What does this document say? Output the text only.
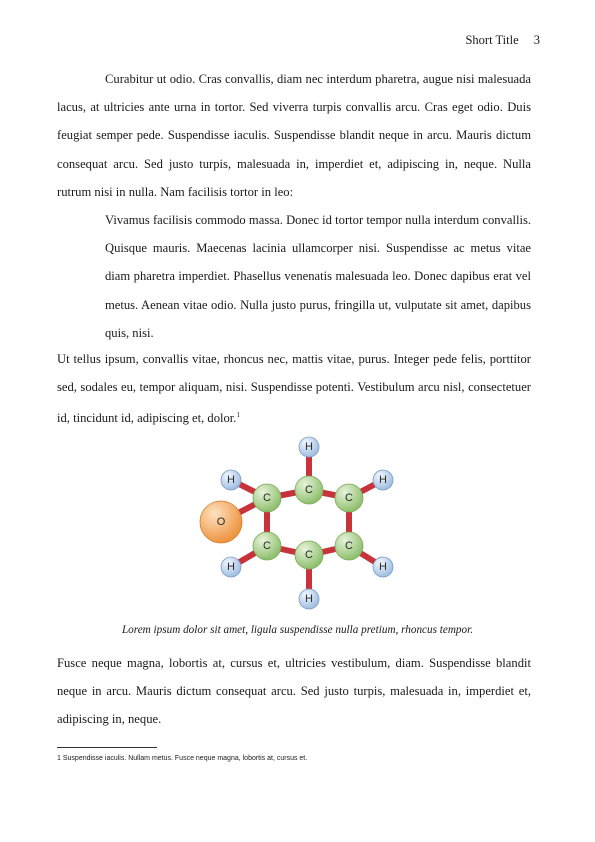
Short Title 3

Curabitur ut odio. Cras convallis, diam nec interdum pharetra, augue nisi malesuada lacus, at ultricies ante urna in tortor. Sed viverra turpis convallis arcu. Cras eget odio. Duis feugiat semper pede. Suspendisse iaculis. Suspendisse blandit neque in arcu. Mauris dictum consequat arcu. Sed justo turpis, malesuada in, imperdiet et, adipiscing in, neque. Nulla rutrum nisi in nulla. Nam facilisis tortor in leo:

Vivamus facilisis commodo massa. Donec id tortor tempor nulla interdum convallis. Quisque mauris. Maecenas lacinia ullamcorper nisi. Suspendisse ac metus vitae diam pharetra imperdiet. Phasellus venenatis malesuada leo. Donec dapibus erat vel metus. Aenean vitae odio. Nulla justo purus, fringilla ut, vulputate sit amet, dapibus quis, nisi.

Ut tellus ipsum, convallis vitae, rhoncus nec, mattis vitae, purus. Integer pede felis, porttitor sed, sodales eu, tempor aliquam, nisi. Suspendisse potenti. Vestibulum arcu nisl, consectetuer id, tincidunt id, adipiscing et, dolor.$^1$

C
C
C
C
C
C
H
H	H
H	H
H
O
Lorem ipsum dolor sit amet, ligula suspendisse nulla pretium, rhoncus tempor.

Fusce neque magna, lobortis at, cursus et, ultricies vestibulum, diam. Suspendisse blandit neque in arcu. Mauris dictum consequat arcu. Sed justo turpis, malesuada in, imperdiet et, adipiscing in, neque.

1 Suspendisse iaculis. Nullam metus. Fusce neque magna, lobortis at, cursus et.
